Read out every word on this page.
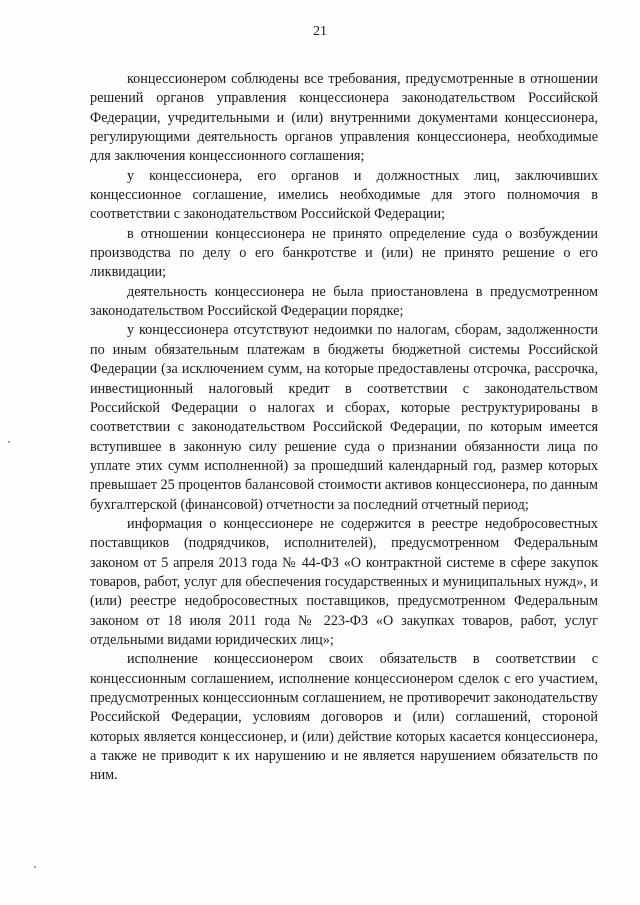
21

концессионером соблюдены все требования, предусмотренные в отношении решений органов управления концессионера законодательством Российской Федерации, учредительными и (или) внутренними документами концессионера, регулирующими деятельность органов управления концессионера, необходимые для заключения концессионного соглашения;

у концессионера, его органов и должностных лиц, заключивших концессионное соглашение, имелись необходимые для этого полномочия в соответствии с законодательством Российской Федерации;

в отношении концессионера не принято определение суда о возбуждении производства по делу о его банкротстве и (или) не принято решение о его ликвидации;

деятельность концессионера не была приостановлена в предусмотренном законодательством Российской Федерации порядке;

у концессионера отсутствуют недоимки по налогам, сборам, задолженности по иным обязательным платежам в бюджеты бюджетной системы Российской Федерации (за исключением сумм, на которые предоставлены отсрочка, рассрочка, инвестиционный налоговый кредит в соответствии с законодательством Российской Федерации о налогах и сборах, которые реструктурированы в соответствии с законодательством Российской Федерации, по которым имеется вступившее в законную силу решение суда о признании обязанности лица по уплате этих сумм исполненной) за прошедший календарный год, размер которых превышает 25 процентов балансовой стоимости активов концессионера, по данным бухгалтерской (финансовой) отчетности за последний отчетный период;

информация о концессионере не содержится в реестре недобросовестных поставщиков (подрядчиков, исполнителей), предусмотренном Федеральным законом от 5 апреля 2013 года № 44-ФЗ «О контрактной системе в сфере закупок товаров, работ, услуг для обеспечения государственных и муниципальных нужд», и (или) реестре недобросовестных поставщиков, предусмотренном Федеральным законом от 18 июля 2011 года № 223-ФЗ «О закупках товаров, работ, услуг отдельными видами юридических лиц»;

исполнение концессионером своих обязательств в соответствии с концессионным соглашением, исполнение концессионером сделок с его участием, предусмотренных концессионным соглашением, не противоречит законодательству Российской Федерации, условиям договоров и (или) соглашений, стороной которых является концессионер, и (или) действие которых касается концессионера, а также не приводит к их нарушению и не является нарушением обязательств по ним.
